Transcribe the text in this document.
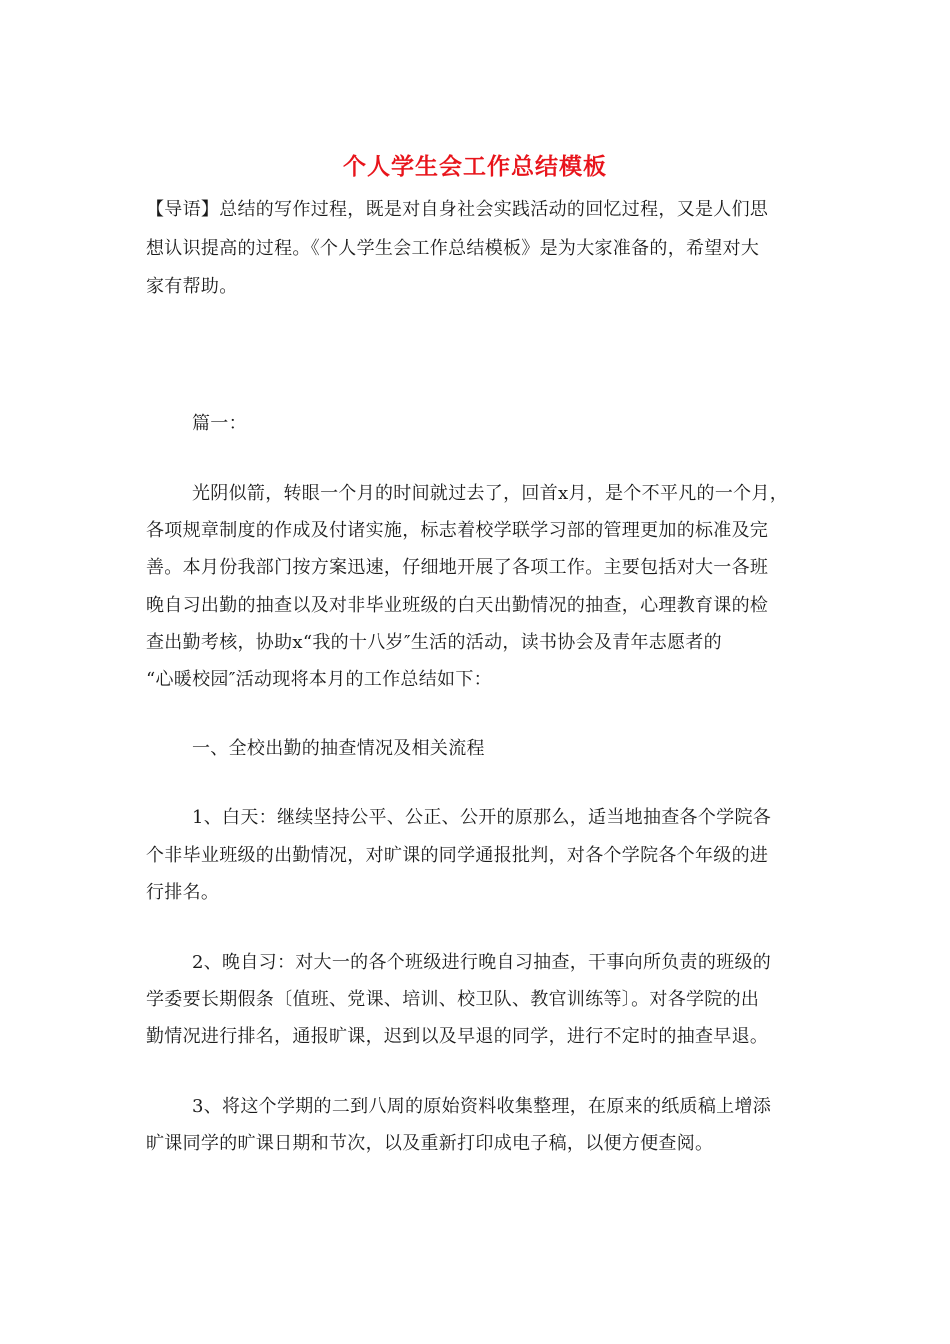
个人学生会工作总结模板
【导语】总结的写作过程，既是对自身社会实践活动的回忆过程，又是人们思
想认识提高的过程。《个人学生会工作总结模板》是为大家准备的，希望对大
家有帮助。
篇一：
光阴似箭，转眼一个月的时间就过去了，回首x月，是个不平凡的一个月，
各项规章制度的作成及付诸实施，标志着校学联学习部的管理更加的标准及完
善。本月份我部门按方案迅速，仔细地开展了各项工作。主要包括对大一各班
晚自习出勤的抽查以及对非毕业班级的白天出勤情况的抽查，心理教育课的检
查出勤考核，协助x“我的十八岁″生活的活动，读书协会及青年志愿者的
“心暖校园″活动现将本月的工作总结如下：
一、全校出勤的抽查情况及相关流程
1、白天：继续坚持公平、公正、公开的原那么，适当地抽查各个学院各
个非毕业班级的出勤情况，对旷课的同学通报批判，对各个学院各个年级的进
行排名。
2、晚自习：对大一的各个班级进行晚自习抽查，干事向所负责的班级的
学委要长期假条〔值班、党课、培训、校卫队、教官训练等〕。对各学院的出
勤情况进行排名，通报旷课，迟到以及早退的同学，进行不定时的抽查早退。
3、将这个学期的二到八周的原始资料收集整理，在原来的纸质稿上增添
旷课同学的旷课日期和节次，以及重新打印成电子稿，以便方便查阅。
